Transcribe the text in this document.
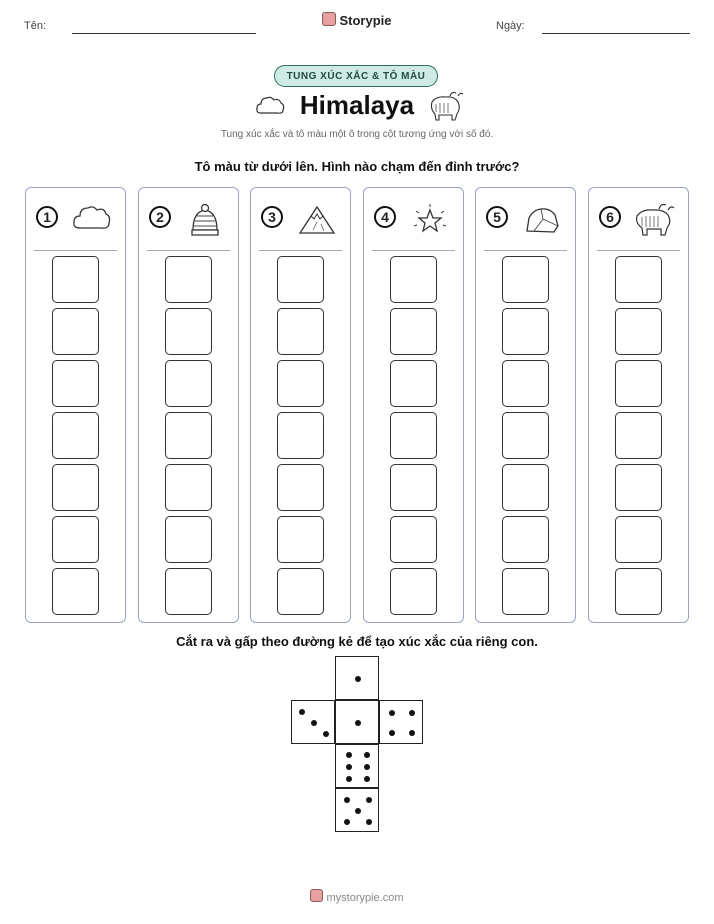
Tên:	Storypie	Ngày:
TUNG XÚC XẮC & TÔ MÀU
Himalaya
Tung xúc xắc và tô màu một ô trong cột tương ứng với số đó.
Tô màu từ dưới lên. Hình nào chạm đến đỉnh trước?
1	2	3	4	5	6
Cắt ra và gấp theo đường kẻ để tạo xúc xắc của riêng con.
mystorypie.com
